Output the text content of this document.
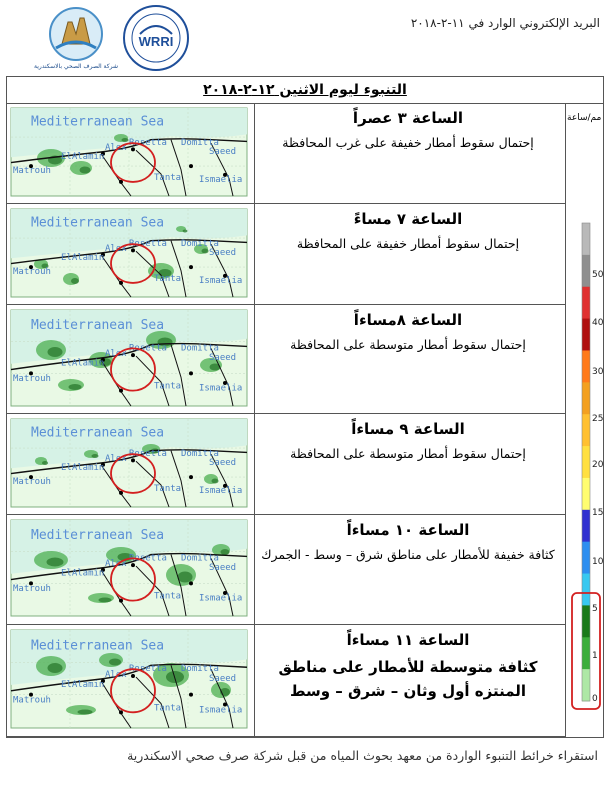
شركة الصرف الصحي بالاسكندرية
WRRI
البريد الإلكتروني الوارد في ١١-٢-٢٠١٨
التنبوء ليوم الاثنين ١٢-٢-٢٠١٨
Mediterranean Sea
Rosetta Domitta
ElAlamin
Alex	Saeed
Matrouh
Tanta Ismaelia
الساعة ٣ عصراً
إحتمال سقوط أمطار خفيفة على غرب المحافظة
Mediterranean Sea
Rosetta Domitta
ElAlamin
Alex	Saeed
Matrouh
Tanta Ismaelia
الساعة ٧ مساءً
إحتمال سقوط أمطار خفيفة على المحافظة
Mediterranean Sea
Rosetta Domitta
ElAlamin
Alex	Saeed
Matrouh
Tanta Ismaelia
الساعة ٨مساءاً
إحتمال سقوط أمطار متوسطة على المحافظة
Mediterranean Sea
Rosetta Domitta
ElAlamin
Alex	Saeed
Matrouh
Tanta Ismaelia
الساعة ٩ مساءاً
إحتمال سقوط أمطار متوسطة على المحافظة
Mediterranean Sea
Rosetta Domitta
ElAlamin
Alex	Saeed
Matrouh
Tanta Ismaelia
الساعة ١٠ مساءاً
كثافة خفيفة للأمطار على مناطق شرق – وسط - الجمرك
Mediterranean Sea
Rosetta Domitta
ElAlamin
Alex	Saeed
Matrouh
Tanta Ismaelia
الساعة ١١ مساءاً
كثافة متوسطة للأمطار على مناطق المنتزه أول وثان – شرق – وسط
مم/ساعة
50
40
30
25
20
15
10
5
1
0
استقراء خرائط التنبوء الواردة من معهد بحوث المياه من قبل شركة صرف صحي الاسكندرية
